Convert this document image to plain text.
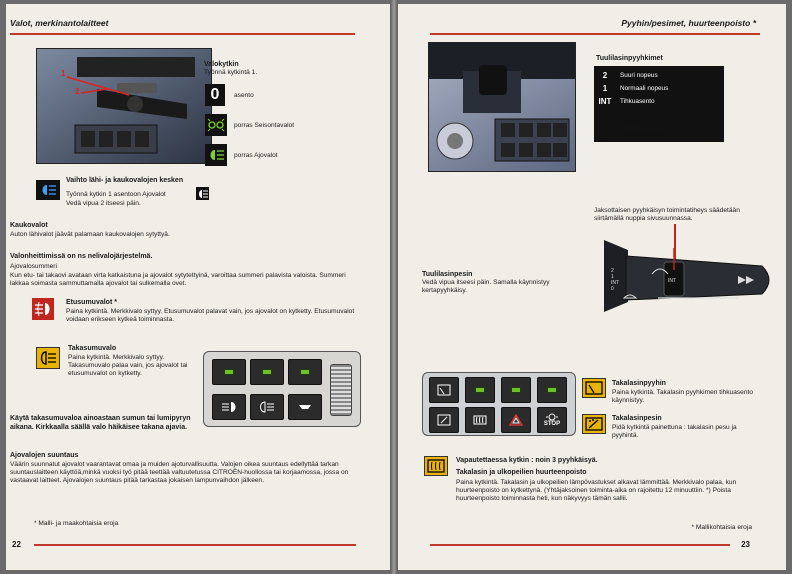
Valot, merkinantolaitteet
1
2
Valokytkin
Työnnä kytkintä 1.
0	asento
porras Seisontavalot
porras Ajovalot
Vaihto lähi- ja kaukovalojen kesken
Työnnä kytkin 1 asentoon Ajovalot
Vedä vipua 2 itseesi päin.
Kaukovalot
Auton lähivalot jäävät palamaan kaukovalojen sytyttyä.
Valonheittimissä on ns nelivalojärjestelmä.
Ajovalosummeri
Kun etu- tai takaovi avataan virta katkaistuna ja ajovalot sytytettyinä, varoittaa summeri palavista valoista. Summeri lakkaa soimasta sammuttamalla ajovalot tai sulkemalla ovet.
Etusumuvalot *
Paina kytkintä. Merkkivalo syttyy. Etusumuvalot palavat vain, jos ajovalot on kytketty. Etusumuvalot voidaan erikseen kytkeä toiminnasta.
Takasumuvalo
Paina kytkintä. Merkkivalo syttyy. Takasumuvalo palaa vain, jos ajovalot tai etusumuvalot on kytketty.
Käytä takasumuvaloa ainoastaan sumun tai lumipyryn aikana. Kirkkaalla säällä valo häikäisee takana ajavia.
Ajovalojen suuntaus
Väärin suunnatut ajovalot vaarantavat omaa ja muiden ajoturvallisuutta. Valojen oikea suuntaus edellyttää tarkan suuntauslaitteen käyttöä,minkä vuoksi työ pitää teettää valtuutetussa CITROËN-huollossa tai korjaamossa, jossa on vastaavat laitteet. Ajovalojen suuntaus pitää tarkastaa jokaisen lampunvaihdon jälkeen.
* Malli- ja maakohtaisia eroja
22
Pyyhin/pesimet, huurteenpoisto *
Tuulilasinpyyhkimet
2	Suuri nopeus
1	Normaali nopeus
INT	Tihkuasento
0	asento
Kertapyyhkäisy
Jaksottaisen pyyhkäisyn toimintatiheys säädetään siirtämällä nuppia sivusuunnassa.
2
1
INT
0
INT
Tuulilasinpesin
Vedä vipua itseesi päin. Samalla käynnistyy kertapyyhkäisy.
STOP
Takalasinpyyhin
Paina kytkintä. Takalasin pyyhkimen tihkuasento käynnistyy.
Takalasinpesin
Pidä kytkintä painettuna : takalasin pesu ja pyyhintä.
Vapautettaessa kytkin : noin 3 pyyhkäisyä.
Takalasin ja ulkopeilien huurteenpoisto
Paina kytkintä. Takalasin ja ulkopeilien lämpövastukset alkavat lämmittää. Merkkivalo palaa, kun huurteenpoisto on kytkettynä. (Yhtäjaksoinen toiminta-aika on rajoitettu 12 minuuttiin. *) Poista huurteenpoisto toiminnasta heti, kun näkyvyys tämän sallii.
* Mallikohtaisia eroja
23
